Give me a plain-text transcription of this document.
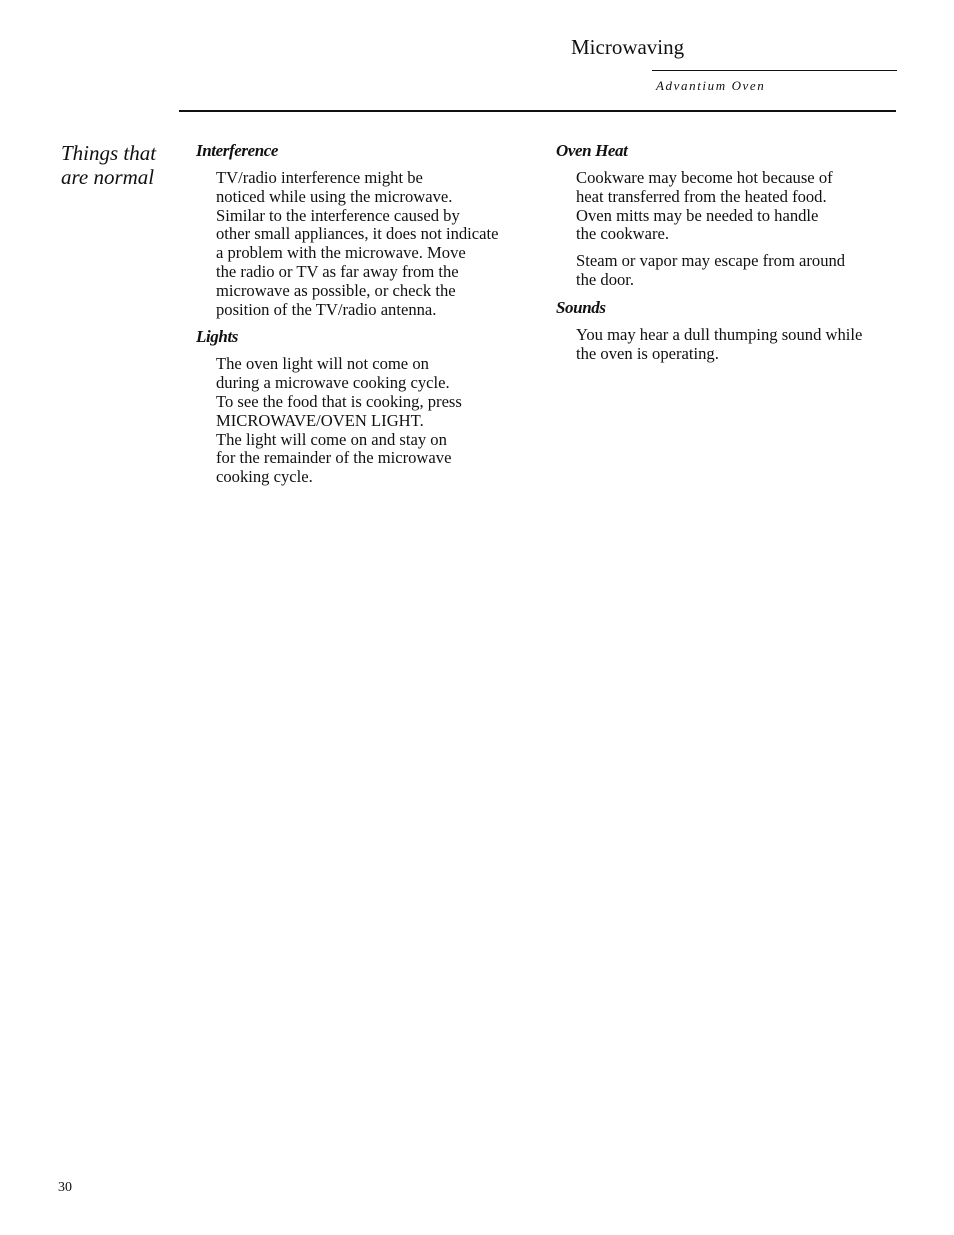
Microwaving
Advantium Oven
Things that
are normal
Interference

TV/radio interference might be
noticed while using the microwave.
Similar to the interference caused by
other small appliances, it does not indicate
a problem with the microwave. Move
the radio or TV as far away from the
microwave as possible, or check the
position of the TV/radio antenna.

Lights

The oven light will not come on
during a microwave cooking cycle.
To see the food that is cooking, press
MICROWAVE/OVEN LIGHT.
The light will come on and stay on
for the remainder of the microwave
cooking cycle.

Oven Heat

Cookware may become hot because of
heat transferred from the heated food.
Oven mitts may be needed to handle
the cookware.

Steam or vapor may escape from around
the door.

Sounds

You may hear a dull thumping sound while
the oven is operating.

30
